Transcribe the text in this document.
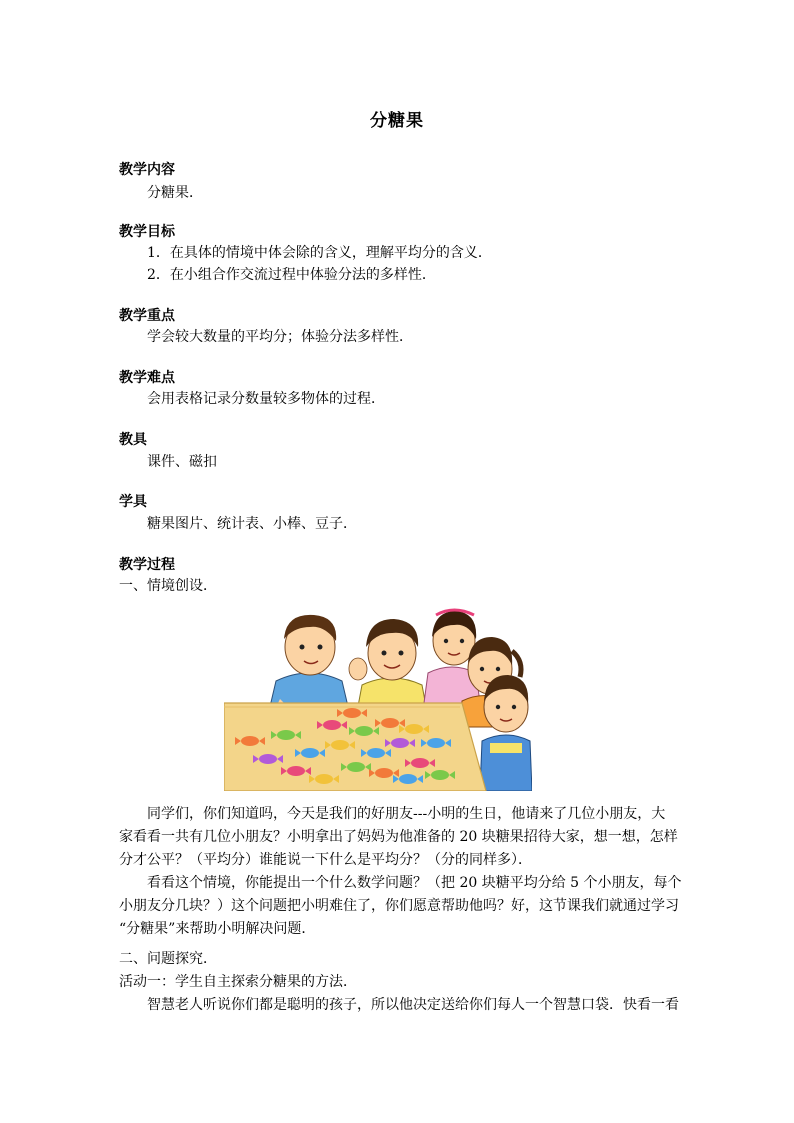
分糖果
教学内容
分糖果．
教学目标
1．在具体的情境中体会除的含义，理解平均分的含义．
2．在小组合作交流过程中体验分法的多样性．
教学重点
学会较大数量的平均分；体验分法多样性．
教学难点
会用表格记录分数量较多物体的过程．
教具
课件、磁扣
学具
糖果图片、统计表、小棒、豆子．
教学过程
一、情境创设．
同学们，你们知道吗，今天是我们的好朋友---小明的生日，他请来了几位小朋友，大
家看看一共有几位小朋友？小明拿出了妈妈为他准备的 20 块糖果招待大家，想一想，怎样
分才公平？（平均分）谁能说一下什么是平均分？（分的同样多）．
看看这个情境，你能提出一个什么数学问题？（把 20 块糖平均分给 5 个小朋友，每个
小朋友分几块？）这个问题把小明难住了，你们愿意帮助他吗？好，这节课我们就通过学习
“分糖果”来帮助小明解决问题．
二、问题探究．
活动一：学生自主探索分糖果的方法．
智慧老人听说你们都是聪明的孩子，所以他决定送给你们每人一个智慧口袋．快看一看
